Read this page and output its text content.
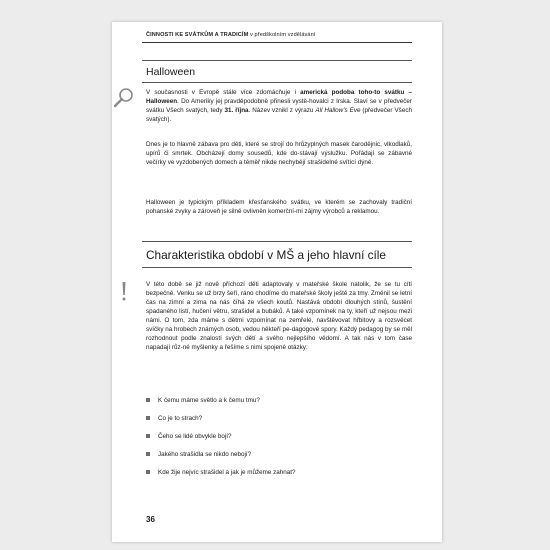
ČINNOSTI KE SVÁTKŮM A TRADICÍM v předškolním vzdělávání
Halloween

V současnosti v Evropě stále více zdomácňuje i americká podoba toho-to svátku – Halloween. Do Ameriky jej pravděpodobně přinesli vystě-hovalci z Irska. Slaví se v předvečer svátku Všech svatých, tedy 31. října. Název vznikl z výrazu All Hallow’s Eve (předvečer Všech svatých).

Dnes je to hlavně zábava pro děti, které se strojí do hrůzyplných masek čarodějnic, vlkodlaků, upírů či smrtek. Obcházejí domy sousedů, kde do-stávají výslužku. Pořádají se zábavné večírky ve vyzdobených domech a téměř nikde nechybějí strašidelné svítící dýně.

Halloween je typickým příkladem křesťanského svátku, ve kterém se zachovaly tradiční pohanské zvyky a zároveň je silně ovlivněn komerční-mi zájmy výrobců a reklamou.

Charakteristika období v MŠ a jeho hlavní cíle

V této době se již nově příchozí děti adaptovaly v mateřské škole natolik, že se tu cítí bezpečně. Venku se už brzy šeří, ráno chodíme do mateřské školy ještě za tmy. Změnil se letní čas na zimní a zima na nás číhá ze všech koutů. Nastává období dlouhých stínů, šustění spadaného listí, hučení větru, strašidel a bubáků. A také vzpomínek na ty, kteří už nejsou mezi námi. O tom, zda máme s dětmi vzpomínat na zemřelé, navštěvovat hřbitovy a rozsvěcet svíčky na hrobech známých osob, vedou někteří pe-dagogové spory. Každý pedagog by se měl rozhodnout podle znalostí svých dětí a svého nejlepšího vědomí. A tak nás v tom čase napadají růz-né myšlenky a řešíme s nimi spojené otázky:

K čemu máme světlo a k čemu tmu?
Co je to strach?
Čeho se lidé obvykle bojí?
Jakého strašidla se nikdo nebojí?
Kde žije nejvíc strašidel a jak je můžeme zahnat?
36
